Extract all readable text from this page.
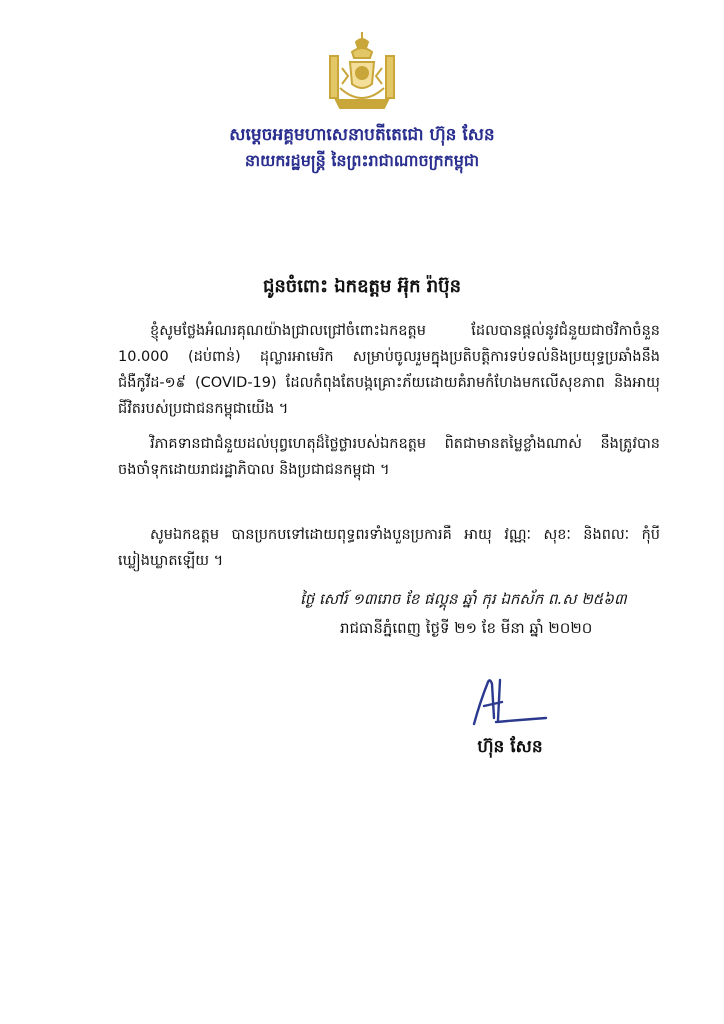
សម្តេចអគ្គមហាសេនាបតីតេជោ ហ៊ុន សែន
នាយករដ្ឋមន្ត្រី នៃព្រះរាជាណាចក្រកម្ពុជា
ជូនចំពោះ ឯកឧត្តម អ៊ុក រ៉ាប៊ុន
ខ្ញុំសូមថ្លែងអំណរគុណយ៉ាងជ្រាលជ្រៅចំពោះឯកឧត្តម ដែលបានផ្តល់នូវជំនួយជាថវិកាចំនួន 10.000 (ដប់ពាន់) ដុល្លារអាមេរិក សម្រាប់ចូលរួមក្នុងប្រតិបត្តិការទប់ទល់និងប្រយុទ្ធប្រឆាំងនឹងជំងឺកូវីដ-១៩ (COVID-19) ដែលកំពុងតែបង្កគ្រោះភ័យដោយគំរាមកំហែងមកលើសុខភាព និងអាយុជីវិតរបស់ប្រជាជនកម្ពុជាយើង ។
វិភាគទានជាជំនួយដល់បុព្វហេតុដ៏ថ្លៃថ្លារបស់ឯកឧត្តម ពិតជាមានតម្លៃខ្លាំងណាស់ នឹងត្រូវបានចងចាំទុកដោយរាជរដ្ឋាភិបាល និងប្រជាជនកម្ពុជា ។
សូមឯកឧត្តម បានប្រកបទៅដោយពុទ្ធពរទាំងបួនប្រការគឺ អាយុ វណ្ណៈ សុខៈ និងពលៈ កុំបីឃ្លៀងឃ្លាតឡើយ ។
ថ្ងៃ សៅរ៍ ១៣រោច ខែ ផល្គុន ឆ្នាំ កុរ ឯកស័ក ព.ស ២៥៦៣
រាជធានីភ្នំពេញ ថ្ងៃទី ២១ ខែ មីនា ឆ្នាំ ២០២០
ហ៊ុន សែន
